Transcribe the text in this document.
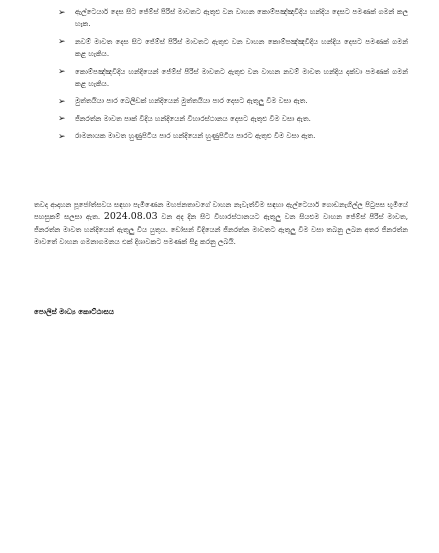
➢ ඇල්ටෙයාර් දෙස සිට ජේම්ස් පීරිස් මාවතට ඇතුළු වන වාහන කොම්පඤ්ඤවීදිය හන්දිය දෙසට පමණක් ගමන් කල හැක.
➢ නවම් මාවත දෙස සිට ජේම්ස් පීරිස් මාවතට ඇතුළු වන වාහන කොම්පඤ්ඤවීදිය හන්දිය දෙසට පමණක් ගමන් කළ හැකිය.
➢ කොම්පඤ්ඤවීදිය හන්දියෙන් ජේම්ස් පීරිස් මාවතට ඇතුළු වන වාහන නවම් මාවත හන්දිය දක්වා පමණක් ගමන් කළ හැකිය.
➢ මුත්තයියා පාර බෙලිඩක් හන්දියෙන් මුත්තයියා පාර දෙසට ඇතුලු වීම වසා ඇත.
➢ ජිනරත්න මාවත පාක් වීදිය හන්දියෙන් විහාරස්ථානය දෙසට ඇතුළු වීම වසා ඇත.
➢ රාමනායක මාවත හුණුපිටිය පාර හන්දියෙන් හුණුපිටිය පාරට ඇතුළු වීම වසා ඇත.

තවද ආදාහන පූජෝත්සවය සඳහා පැමිණෙන මහජනතාවගේ වාහන නැවැත්වීම සඳහා ඇල්ටෙයාර් ගොඩනැගිල්ල පිටුපස භූමියේ පහසුකම් සලසා ඇත. 2024.08.03 වන අද දින සිට විහාරස්ථානයට ඇතුලු වන සියළුම වාහන ජේම්ස් පීරිස් මාවත, ජිනරත්න මාවත හන්දියෙන් ඇතුලු විය යුතුය. ඩෝසන් වීදියෙන් ජිනරත්න මාවතට ඇතුලු වීම වසා තබනු ලබන අතර ජිනරත්න මාවතේ වාහන ගමනාගමනය එක් දිශාවකට පමණක් සිදු කරනු ලබයි.

පොලිස් මාධ්‍ය කොට්ඨාසය
